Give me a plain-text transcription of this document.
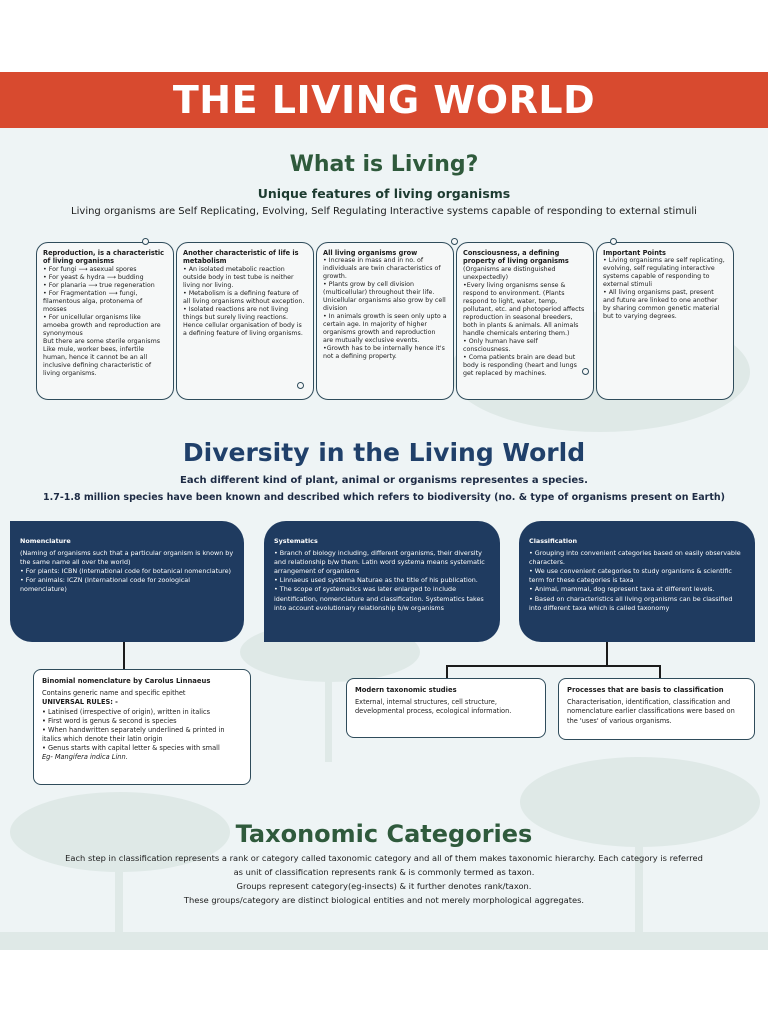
THE LIVING WORLD
What is Living?
Unique features of living organisms
Living organisms are Self Replicating, Evolving, Self Regulating Interactive systems capable of responding to external stimuli
Reproduction, is a characteristic of living organisms
• For fungi ⟶ asexual spores
• For yeast & hydra ⟶ budding
• For planaria ⟶ true regeneration
• For Fragmentation ⟶ fungi, filamentous alga, protonema of mosses
• For unicellular organisms like amoeba growth and reproduction are synonymous
But there are some sterile organisms Like mule, worker bees, infertile human, hence it cannot be an all inclusive defining characteristic of living organisms.
Another characteristic of life is metabolism
• An isolated metabolic reaction outside body in test tube is neither living nor living.
• Metabolism is a defining feature of all living organisms without exception.
• Isolated reactions are not living things but surely living reactions. Hence cellular organisation of body is a defining feature of living organisms.
All living organisms grow
• Increase in mass and in no. of individuals are twin characteristics of growth.
• Plants grow by cell division (multicellular) throughout their life. Unicellular organisms also grow by cell division
• In animals growth is seen only upto a certain age. In majority of higher organisms growth and reproduction are mutually exclusive events.
•Growth has to be internally hence it's not a defining property.
Consciousness, a defining property of living organisms
(Organisms are distinguished unexpectedly)
•Every living organisms sense & respond to environment. (Plants respond to light, water, temp, pollutant, etc. and photoperiod affects reproduction in seasonal breeders, both in plants & animals. All animals handle chemicals entering them.)
• Only human have self consciousness.
• Coma patients brain are dead but body is responding (heart and lungs get replaced by machines.
Important Points
• Living organisms are self replicating, evolving, self regulating interactive systems capable of responding to external stimuli
• All living organisms past, present and future are linked to one another by sharing common genetic material but to varying degrees.
Diversity in the Living World
Each different kind of plant, animal or organisms representes a species.
1.7-1.8 million species have been known and described which refers to biodiversity (no. & type of organisms present on Earth)
Nomenclature
(Naming of organisms such that a particular organism is known by the same name all over the world)
• For plants: ICBN (International code for botanical nomenclature)
• For animals: ICZN (International code for zoological nomenclature)
Systematics
• Branch of biology including, different organisms, their diversity and relationship b/w them. Latin word systema means systematic arrangement of organisms
• Linnaeus used systema Naturae as the title of his publication.
• The scope of systematics was later enlarged to include identification, nomenclature and classification. Systematics takes into account evolutionary relationship b/w organisms
Classification
• Grouping into convenient categories based on easily observable characters.
• We use convenient categories to study organisms & scientific term for these categories is taxa
• Animal, mammal, dog represent taxa at different levels.
• Based on characteristics all living organisms can be classified into different taxa which is called taxonomy
Binomial nomenclature by Carolus Linnaeus
Contains generic name and specific epithet
UNIVERSAL RULES: -
• Latinised (irrespective of origin), written in italics
• First word is genus & second is species
• When handwritten separately underlined & printed in italics which denote their latin origin
• Genus starts with capital letter & species with small
Eg- Mangifera indica Linn.
Modern taxonomic studies
External, internal structures, cell structure, developmental process, ecological information.
Processes that are basis to classification
Characterisation, identification, classification and nomenclature earlier classifications were based on the 'uses' of various organisms.
Taxonomic Categories
Each step in classification represents a rank or category called taxonomic category and all of them makes taxonomic hierarchy. Each category is referred
as unit of classification represents rank & is commonly termed as taxon.
Groups represent category(eg-insects) & it further denotes rank/taxon.
These groups/category are distinct biological entities and not merely morphological aggregates.
